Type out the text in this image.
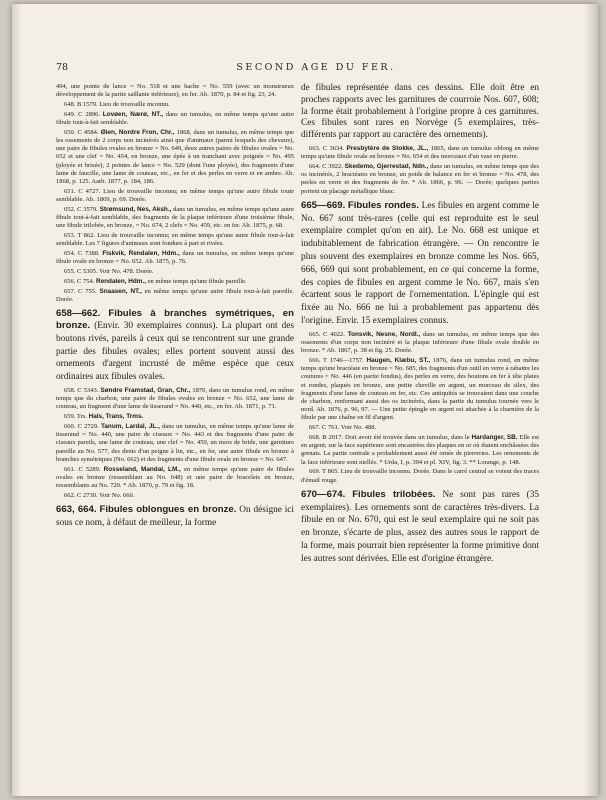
78	SECOND AGE DU FER.

494, une pointe de lance = No. 518 et une hache = No. 559 (avec un monstrueux développement de la partie saillante inférieure), en fer. Ab. 1870, p. 84 et fig. 23, 24.

648. B 1579. Lieu de trouvaille inconnu.

649. C 2896. Lovøen, Nærø, NT., dans un tumulus, en même temps qu'une autre fibule tout-à-fait semblable.

650. C 4584. Øien, Nordre Fron, Chr., 1868, dans un tumulus, en même temps que les ossements de 2 corps non incinérés ainsi que d'animaux (parmi lesquels des chevaux), une paire de fibules ovales en bronze = No. 649, deux autres paires de fibules ovales = No. 652 et une clef = No. 454, en bronze, une épée à un tranchant avec poignée = No. 495 (ployée et brisée), 2 pointes de lance = No. 529 (dont l'une ployée), des fragments d'une lame de faucille, une lame de couteau, etc., en fer et des perles en verre et en ambre. Ab. 1868, p. 125. Aarb. 1877, p. 184, 186.

651. C 4727. Lieu de trouvaille inconnu; en même temps qu'une autre fibule toute semblable. Ab. 1869, p. 69. Dorée.

652. C 3579. Strømsund, Nes, Aksh., dans un tumulus, en même temps qu'une autre fibule tout-à-fait semblable, des fragments de la plaque inférieure d'une troisième fibule, une fibule trilobée, en bronze, = No. 674, 2 clefs = No. 459, etc. en fer. Ab. 1875, p. 68.

653. T 862. Lieu de trouvaille inconnu; en même temps qu'une autre fibule tout-à-fait semblable. Les 7 figures d'animaux sont fondues à part et rivées.

654. C 7388. Fiskvik, Rendalen, Hdm., dans un tumulus, en même temps qu'une fibule ovale en bronze = No. 652. Ab. 1875, p. 76.

655. C 5305. Voir No. 478. Dorée.

656. C 754. Rendalen, Hdm., en même temps qu'une fibule pareille.

657. C 755. Snaasen, NT., en même temps qu'une autre fibule tout-à-fait pareille. Dorée.

658—662. Fibules à branches symétriques, en bronze. (Envir. 30 exemplaires connus). La plupart ont des boutons rivés, pareils à ceux qui se rencontrent sur une grande partie des fibules ovales; elles portent souvent aussi des ornements d'argent incrusté de même espèce que ceux ordinaires aux fibules ovales.

658. C 5343. Søndre Framstad, Gran, Chr., 1870, dans un tumulus rond, en même temps que du charbon, une paire de fibules ovales en bronze = No. 652, une lame de couteau, un fragment d'une lame de tisserand = No. 440, etc., en fer. Ab. 1871, p. 71.

659. Trs. Hals, Trans, Trms.

660. C 2729. Tanum, Lardal, JL., dans un tumulus, en même temps qu'une lame de tisserand = No. 440, une paire de ciseaux = No. 443 et des fragments d'une paire de ciseaux pareils, une lame de couteau, une clef = No. 459, un mors de bride, une garniture pareille au No. 577, des dents d'un peigne à lin, etc., en fer, une autre fibule en bronze à branches symétriques (No. 662) et des fragments d'une fibule ovale en bronze = No. 647.

661. C 5289. Rosseland, Mandal, LM., en même temps qu'une paire de fibules ovales en bronze (ressemblant au No. 648) et une paire de bracelets en bronze, ressemblants au No. 720. * Ab. 1870, p. 79 et fig. 18.

662. C 2730. Voir No. 660.

663, 664. Fibules oblongues en bronze. On désigne ici sous ce nom, à défaut de meilleur, la forme

de fibules représentée dans ces dessins. Elle doit être en proches rapports avec les garnitures de courroie Nos. 607, 608; la forme était probablement à l'origine propre à ces garnitures. Ces fibules sont rares en Norvège (5 exemplaires, très-différents par rapport au caractère des ornements).

663. C 3634. Presbytère de Stokke, JL., 1865, dans un tumulus oblong en même temps qu'une fibule ovale en bronze = No. 654 et des morceaux d'un vase en pierre.

664. C 3922. Skedemo, Gjerrestad, Ndn., dans un tumulus, en même temps que des os incinérés, 2 bractéates en bronze, un poids de balance en fer et bronze = No. 478, des perles en verre et des fragments de fer. * Ab. 1866, p. 96. — Dorée; quelques parties portent un placage métallique blanc.

665—669. Fibules rondes. Les fibules en argent comme le No. 667 sont très-rares (celle qui est reproduite est le seul exemplaire complet qu'on en ait). Le No. 668 est unique et indubitablement de fabrication étrangère. — On rencontre le plus souvent des exemplaires en bronze comme les Nos. 665, 666, 669 qui sont probablement, en ce qui concerne la forme, des copies de fibules en argent comme le No. 667, mais s'en écartent sous le rapport de l'ornementation. L'épingle qui est fixée au No. 666 ne lui a probablement pas appartenu dès l'origine. Envir. 15 exemplaires connus.

665. C 4022. Tonsvik, Nesne, Nordl., dans un tumulus, en même temps que des ossements d'un corps non incinéré et la plaque inférieure d'une fibule ovale double en bronze. * Ab. 1867, p. 38 et fig. 25. Dorée.

666. T 1746—1757. Haugen, Klæbu, ST., 1876, dans un tumulus rond, en même temps qu'une bractéate en bronze = No. 685, des fragments d'un outil en verre à rabattre les coutures = No. 446 (en partie fondus), des perles en verre, des boutons en fer à tête plates et rondes, plaqués en bronze, une petite cheville en argent, un morceau de silex, des fragments d'une lame de couteau en fer, etc. Ces antiquités se trouvaient dans une couche de charbon, renfermant aussi des os incinérés, dans la partie du tumulus tournée vers le nord. Ab. 1876, p. 96, 97. — Une petite épingle en argent est attachée à la charnière de la fibule par une chaîne en fil d'argent.

667. C 761. Voir No. 488.

668. B 2017. Doit avoir été trouvée dans un tumulus, dans le Hardanger, SB. Elle est en argent; sur la face supérieure sont encastrées des plaques en or où étaient enchâssées des grenats. La partie centrale a probablement aussi été ornée de pierreries. Les ornements de la face inférieure sont niellés. * Urda, I, p. 394 et pl. XIV, fig. 3. ** Lorange, p. 148.

669. T 865. Lieu de trouvaille inconnu. Dorée. Dans le carré central se voient des traces d'émail rouge.

670—674. Fibules trilobées. Ne sont pas rares (35 exemplaires). Les ornements sont de caractères très-divers. La fibule en or No. 670, qui est le seul exemplaire qui ne soit pas en bronze, s'écarte de plus, assez des autres sous le rapport de la forme, mais pourrait bien représenter la forme primitive dont les autres sont dérivées. Elle est d'origine étrangère.
